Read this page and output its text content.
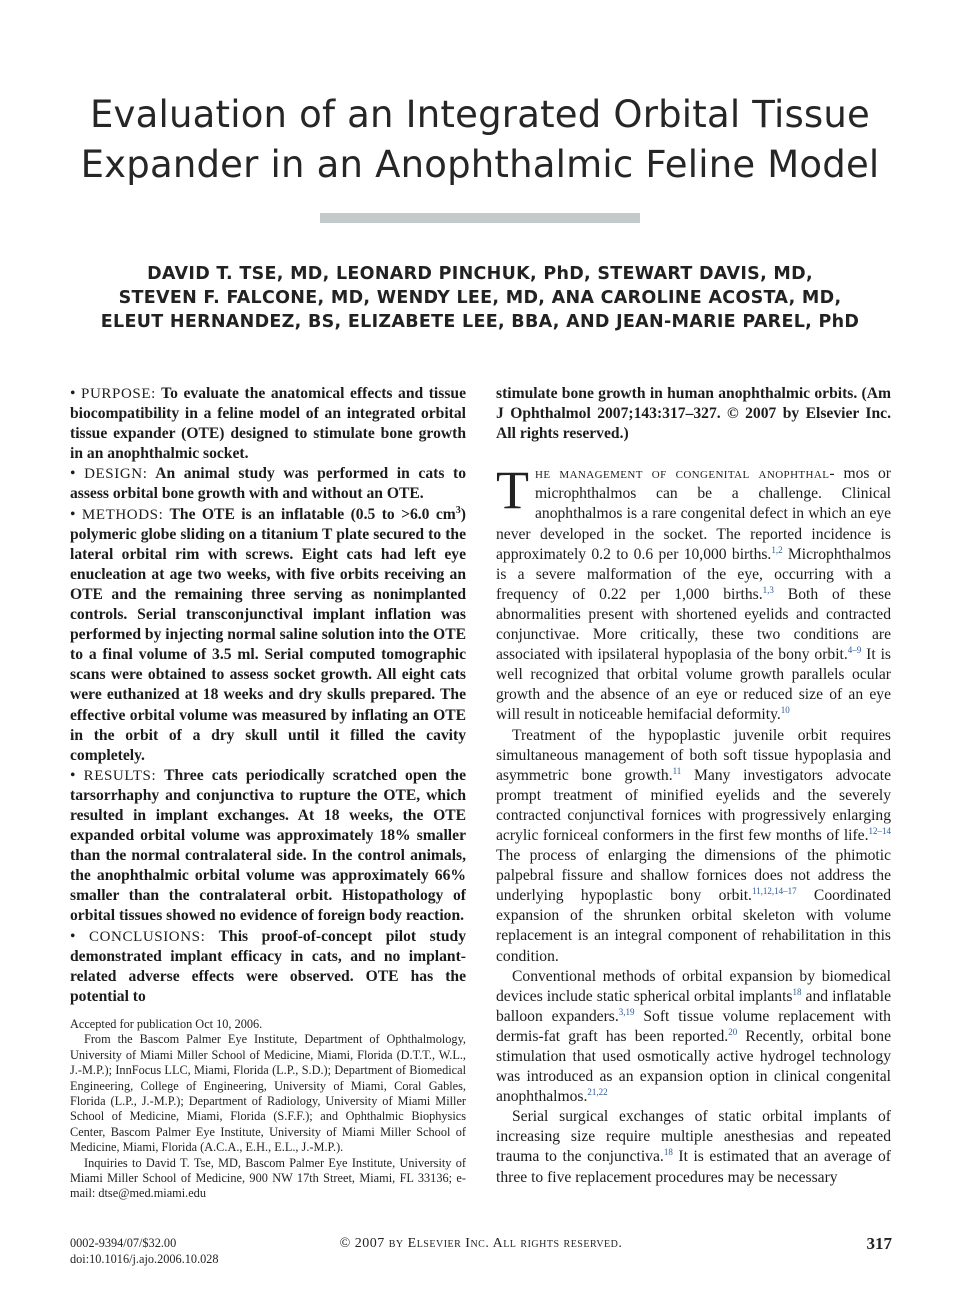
Evaluation of an Integrated Orbital Tissue
Expander in an Anophthalmic Feline Model
DAVID T. TSE, MD, LEONARD PINCHUK, PhD, STEWART DAVIS, MD,
STEVEN F. FALCONE, MD, WENDY LEE, MD, ANA CAROLINE ACOSTA, MD,
ELEUT HERNANDEZ, BS, ELIZABETE LEE, BBA, AND JEAN-MARIE PAREL, PhD

• PURPOSE: To evaluate the anatomical effects and tissue biocompatibility in a feline model of an integrated orbital tissue expander (OTE) designed to stimulate bone growth in an anophthalmic socket.

• DESIGN: An animal study was performed in cats to assess orbital bone growth with and without an OTE.

• METHODS: The OTE is an inflatable (0.5 to >6.0 $cm^3$) polymeric globe sliding on a titanium T plate secured to the lateral orbital rim with screws. Eight cats had left eye enucleation at age two weeks, with five orbits receiving an OTE and the remaining three serving as nonimplanted controls. Serial transconjunctival implant inflation was performed by injecting normal saline solution into the OTE to a final volume of 3.5 ml. Serial computed tomographic scans were obtained to assess socket growth. All eight cats were euthanized at 18 weeks and dry skulls prepared. The effective orbital volume was measured by inflating an OTE in the orbit of a dry skull until it filled the cavity completely.

• RESULTS: Three cats periodically scratched open the tarsorrhaphy and conjunctiva to rupture the OTE, which resulted in implant exchanges. At 18 weeks, the OTE expanded orbital volume was approximately 18% smaller than the normal contralateral side. In the control animals, the anophthalmic orbital volume was approximately 66% smaller than the contralateral orbit. Histopathology of orbital tissues showed no evidence of foreign body reaction.

• CONCLUSIONS: This proof-of-concept pilot study demonstrated implant efficacy in cats, and no implant-related adverse effects were observed. OTE has the potential to

Accepted for publication Oct 10, 2006.

From the Bascom Palmer Eye Institute, Department of Ophthalmology, University of Miami Miller School of Medicine, Miami, Florida (D.T.T., W.L., J.-M.P.); InnFocus LLC, Miami, Florida (L.P., S.D.); Department of Biomedical Engineering, College of Engineering, University of Miami, Coral Gables, Florida (L.P., J.-M.P.); Department of Radiology, University of Miami Miller School of Medicine, Miami, Florida (S.F.F.); and Ophthalmic Biophysics Center, Bascom Palmer Eye Institute, University of Miami Miller School of Medicine, Miami, Florida (A.C.A., E.H., E.L., J.-M.P.).

Inquiries to David T. Tse, MD, Bascom Palmer Eye Institute, University of Miami Miller School of Medicine, 900 NW 17th Street, Miami, FL 33136; e-mail: dtse@med.miami.edu

stimulate bone growth in human anophthalmic orbits. (Am J Ophthalmol 2007;143:317–327. © 2007 by Elsevier Inc. All rights reserved.)

The management of congenital anophthal- mos or microphthalmos can be a challenge. Clinical anophthalmos is a rare congenital defect in which an eye never developed in the socket. The reported incidence is approximately 0.2 to 0.6 per 10,000 births.$^{1,2}$ Microphthalmos is a severe malformation of the eye, occurring with a frequency of 0.22 per 1,000 births.$^{1,3}$ Both of these abnormalities present with shortened eyelids and contracted conjunctivae. More critically, these two conditions are associated with ipsilateral hypoplasia of the bony orbit.$^{4-9}$ It is well recognized that orbital volume growth parallels ocular growth and the absence of an eye or reduced size of an eye will result in noticeable hemifacial deformity.$^{10}$

Treatment of the hypoplastic juvenile orbit requires simultaneous management of both soft tissue hypoplasia and asymmetric bone growth.$^{11}$ Many investigators advocate prompt treatment of minified eyelids and the severely contracted conjunctival fornices with progressively enlarging acrylic forniceal conformers in the first few months of life.$^{12-14}$ The process of enlarging the dimensions of the phimotic palpebral fissure and shallow fornices does not address the underlying hypoplastic bony orbit.$^{11,12,14-17}$ Coordinated expansion of the shrunken orbital skeleton with volume replacement is an integral component of rehabilitation in this condition.

Conventional methods of orbital expansion by biomedical devices include static spherical orbital implants$^{18}$ and inflatable balloon expanders.$^{3,19}$ Soft tissue volume replacement with dermis-fat graft has been reported.$^{20}$ Recently, orbital bone stimulation that used osmotically active hydrogel technology was introduced as an expansion option in clinical congenital anophthalmos.$^{21,22}$

Serial surgical exchanges of static orbital implants of increasing size require multiple anesthesias and repeated trauma to the conjunctiva.$^{18}$ It is estimated that an average of three to five replacement procedures may be necessary

0002-9394/07/$32.00
doi:10.1016/j.ajo.2006.10.028
© 2007 by Elsevier Inc. All rights reserved.	317
